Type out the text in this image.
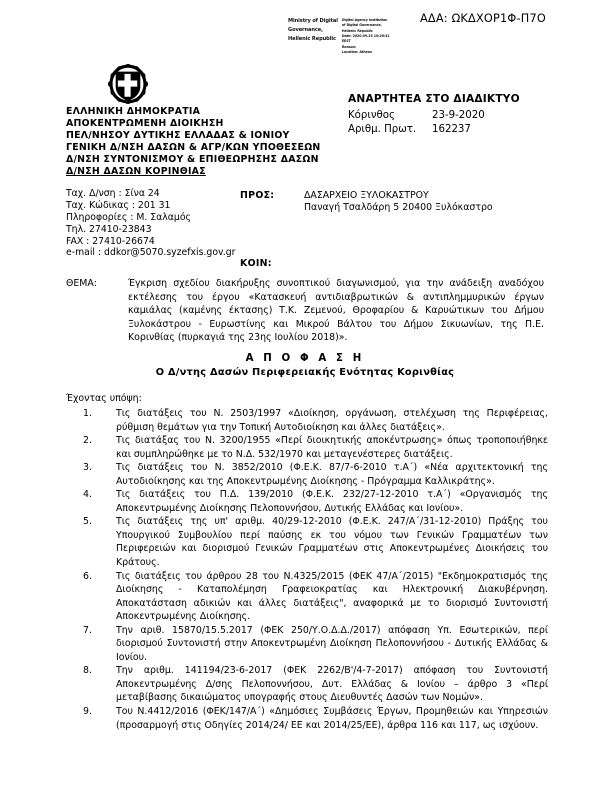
Ministry of Digital
Governance,
Hellenic Republic
Digital Agency Institution
of Digital Governance,
Hellenic Republic
Date: 2020.09.23 10:26:31
EEST
Reason:
Location: Athens
ΑΔΑ: ΩΚΔΧΟΡ1Φ-Π7Ο
ΕΛΛΗΝΙΚΗ ΔΗΜΟΚΡΑΤΙΑ
ΑΠΟΚΕΝΤΡΩΜΕΝΗ ΔΙΟΙΚΗΣΗ
ΠΕΛ/ΝΗΣΟΥ ΔΥΤΙΚΗΣ ΕΛΛΑΔΑΣ & ΙΟΝΙΟΥ
ΓΕΝΙΚΗ Δ/ΝΣΗ ΔΑΣΩΝ & ΑΓΡ/ΚΩΝ ΥΠΟΘΕΣΕΩΝ
Δ/ΝΣΗ ΣΥΝΤΟΝΙΣΜΟΥ & ΕΠΙΘΕΩΡΗΣΗΣ ΔΑΣΩΝ
Δ/ΝΣΗ ΔΑΣΩΝ ΚΟΡΙΝΘΙΑΣ
ΑΝΑΡΤΗΤΕΑ ΣΤΟ ΔΙΑΔΙΚΤΥΟ
Κόρινθος	23-9-2020
Αριθμ. Πρωτ.	162237
Ταχ. Δ/νση : Σίνα 24
Ταχ. Κώδικας : 201 31
Πληροφορίες : Μ. Σαλαμός
Τηλ. 27410-23843
FAX : 27410-26674
e-mail : ddkor@5070.syzefxis.gov.gr
ΠΡΟΣ:	ΔΑΣΑΡΧΕΙΟ ΞΥΛΟΚΑΣΤΡΟΥ
Παναγή Τσαλδάρη 5 20400 Ξυλόκαστρο
ΚΟΙΝ:
ΘΕΜΑ:	Έγκριση σχεδίου διακήρυξης συνοπτικού διαγωνισμού, για την ανάδειξη αναδόχου εκτέλεσης του έργου «Κατασκευή αντιδιαβρωτικών & αντιπλημμυρικών έργων καμιάλας (καμένης έκτασης) Τ.Κ. Ζεμενού, Θροφαρίου & Καρυώτικων του Δήμου Ξυλοκάστρου - Ευρωστίνης και Μικρού Βάλτου του Δήμου Σικυωνίων, της Π.Ε. Κορινθίας (πυρκαγιά της 23ης Ιουλίου 2018)».
Α Π Ο Φ Α Σ Η
Ο Δ/ντης Δασών Περιφερειακής Ενότητας Κορινθίας
Έχοντας υπόψη:
1.	Τις διατάξεις του Ν. 2503/1997 «Διοίκηση, οργάνωση, στελέχωση της Περιφέρειας, ρύθμιση θεμάτων για την Τοπική Αυτοδιοίκηση και άλλες διατάξεις».
2.	Τις διατάξας του Ν. 3200/1955 «Περί διοικητικής αποκέντρωσης» όπως τροποποιήθηκε και συμπληρώθηκε με το Ν.Δ. 532/1970 και μεταγενέστερες διατάξεις.
3.	Τις διατάξεις του Ν. 3852/2010 (Φ.Ε.Κ. 87/7-6-2010 τ.Α΄) «Νέα αρχιτεκτονική της Αυτοδιοίκησης και της Αποκεντρωμένης Διοίκησης - Πρόγραμμα Καλλικράτης».
4.	Τις διατάξεις του Π.Δ. 139/2010 (Φ.Ε.Κ. 232/27-12-2010 τ.Α΄) «Οργανισμός της Αποκεντρωμένης Διοίκησης Πελοποννήσου, Δυτικής Ελλάδας και Ιονίου».
5.	Τις διατάξεις της υπ' αριθμ. 40/29-12-2010 (Φ.Ε.Κ. 247/Α΄/31-12-2010) Πράξης του Υπουργικού Συμβουλίου περί παύσης εκ του νόμου των Γενικών Γραμματέων των Περιφερειών και διορισμού Γενικών Γραμματέων στις Αποκεντρωμένες Διοικήσεις του Κράτους.
6.	Τις διατάξεις του άρθρου 28 του Ν.4325/2015 (ΦΕΚ 47/Α΄/2015) "Εκδημοκρατισμός της Διοίκησης - Καταπολέμηση Γραφειοκρατίας και Ηλεκτρονική Διακυβέρνηση. Αποκατάσταση αδικιών και άλλες διατάξεις", αναφορικά με το διορισμό Συντονιστή Αποκεντρωμένης Διοίκησης.
7.	Την αριθ. 15870/15.5.2017 (ΦΕΚ 250/Υ.Ο.Δ.Δ./2017) απόφαση Υπ. Εσωτερικών, περί διορισμού Συντονιστή στην Αποκεντρωμένη Διοίκηση Πελοποννήσου - Δυτικής Ελλάδας & Ιονίου.
8.	Την αριθμ. 141194/23-6-2017 (ΦΕΚ 2262/Β'/4-7-2017) απόφαση του Συντονιστή Αποκεντρωμένης Δ/σης Πελοποννήσου, Δυτ. Ελλάδας & Ιονίου – άρθρο 3 «Περί μεταβίβασης δικαιώματος υπογραφής στους Διευθυντές Δασών των Νομών».
9.	Του Ν.4412/2016 (ΦΕΚ/147/Α΄) «Δημόσιες Συμβάσεις Έργων, Προμηθειών και Υπηρεσιών (προσαρμογή στις Οδηγίες 2014/24/ ΕΕ και 2014/25/ΕΕ), άρθρα 116 και 117, ως ισχύουν.
